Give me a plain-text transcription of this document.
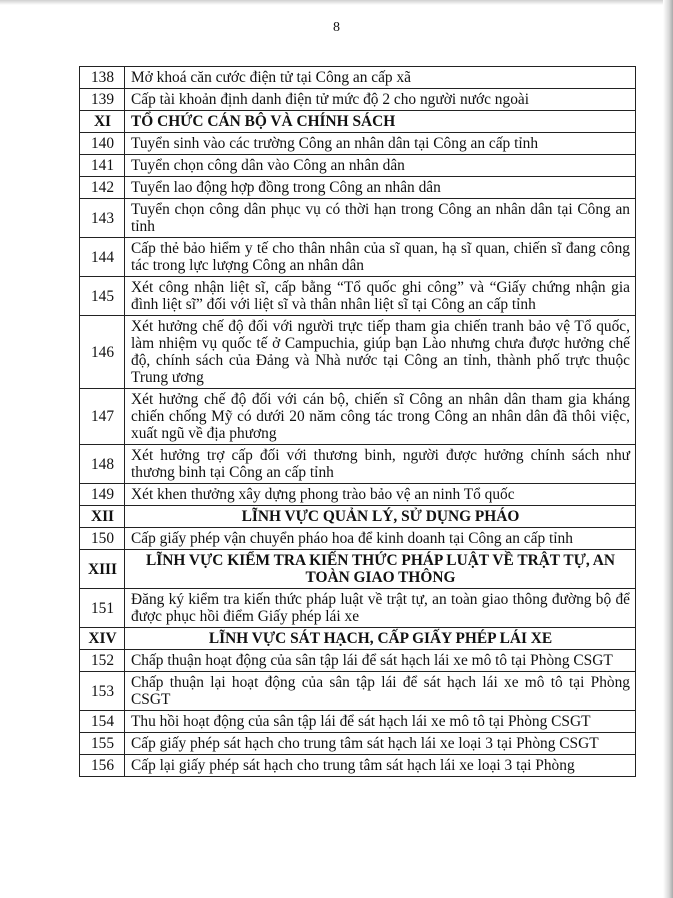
8
138	Mở khoá căn cước điện tử tại Công an cấp xã
139	Cấp tài khoản định danh điện tử mức độ 2 cho người nước ngoài
XI	TỔ CHỨC CÁN BỘ VÀ CHÍNH SÁCH
140	Tuyển sinh vào các trường Công an nhân dân tại Công an cấp tỉnh
141	Tuyển chọn công dân vào Công an nhân dân
142	Tuyển lao động hợp đồng trong Công an nhân dân
143	Tuyển chọn công dân phục vụ có thời hạn trong Công an nhân dân tại Công an tỉnh
144	Cấp thẻ bảo hiểm y tế cho thân nhân của sĩ quan, hạ sĩ quan, chiến sĩ đang công tác trong lực lượng Công an nhân dân
145	Xét công nhận liệt sĩ, cấp bằng “Tổ quốc ghi công” và “Giấy chứng nhận gia đình liệt sĩ” đối với liệt sĩ và thân nhân liệt sĩ tại Công an cấp tỉnh
146	Xét hưởng chế độ đối với người trực tiếp tham gia chiến tranh bảo vệ Tổ quốc, làm nhiệm vụ quốc tế ở Campuchia, giúp bạn Lào nhưng chưa được hưởng chế độ, chính sách của Đảng và Nhà nước tại Công an tỉnh, thành phố trực thuộc Trung ương
147	Xét hưởng chế độ đối với cán bộ, chiến sĩ Công an nhân dân tham gia kháng chiến chống Mỹ có dưới 20 năm công tác trong Công an nhân dân đã thôi việc, xuất ngũ về địa phương
148	Xét hưởng trợ cấp đối với thương binh, người được hưởng chính sách như thương binh tại Công an cấp tỉnh
149	Xét khen thưởng xây dựng phong trào bảo vệ an ninh Tổ quốc
XII	LĨNH VỰC QUẢN LÝ, SỬ DỤNG PHÁO
150	Cấp giấy phép vận chuyển pháo hoa để kinh doanh tại Công an cấp tỉnh
XIII	LĨNH VỰC KIỂM TRA KIẾN THỨC PHÁP LUẬT VỀ TRẬT TỰ, AN TOÀN GIAO THÔNG
151	Đăng ký kiểm tra kiến thức pháp luật về trật tự, an toàn giao thông đường bộ để được phục hồi điểm Giấy phép lái xe
XIV	LĨNH VỰC SÁT HẠCH, CẤP GIẤY PHÉP LÁI XE
152	Chấp thuận hoạt động của sân tập lái để sát hạch lái xe mô tô tại Phòng CSGT
153	Chấp thuận lại hoạt động của sân tập lái để sát hạch lái xe mô tô tại Phòng CSGT
154	Thu hồi hoạt động của sân tập lái để sát hạch lái xe mô tô tại Phòng CSGT
155	Cấp giấy phép sát hạch cho trung tâm sát hạch lái xe loại 3 tại Phòng CSGT
156	Cấp lại giấy phép sát hạch cho trung tâm sát hạch lái xe loại 3 tại Phòng
